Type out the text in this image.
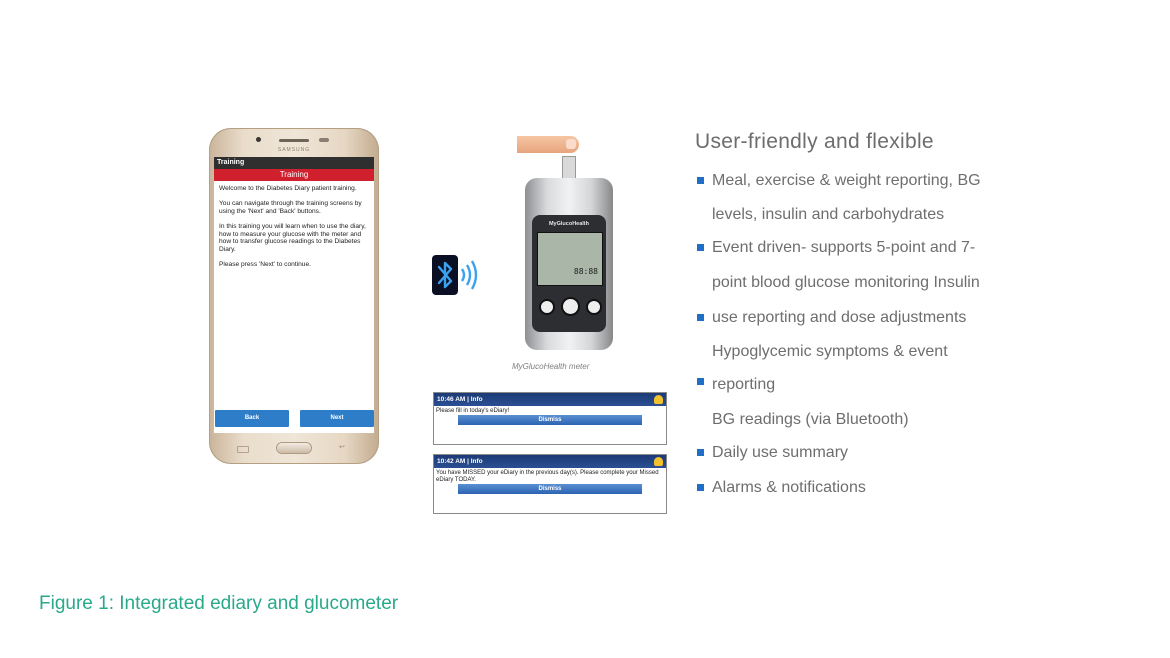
SAMSUNG
Training
Training

Welcome to the Diabetes Diary patient training.

You can navigate through the training screens by using the 'Next' and 'Back' buttons.

In this training you will learn when to use the diary, how to measure your glucose with the meter and how to transfer glucose readings to the Diabetes Diary.

Please press 'Next' to continue.

Back	Next
↩
MyGlucoHealth
88:88
MyGlucoHealth meter
10:46 AM | Info
Please fill in today's eDiary!
Dismiss
10:42 AM | Info
You have MISSED your eDiary in the previous day(s). Please complete your Missed eDiary TODAY.
Dismiss
User-friendly and flexible
Meal, exercise & weight reporting, BG
levels, insulin and carbohydrates
Event driven- supports 5-point and 7-
point blood glucose monitoring Insulin
use reporting and dose adjustments
Hypoglycemic symptoms & event
reporting
BG readings (via Bluetooth)
Daily use summary
Alarms & notifications
Figure 1: Integrated ediary and glucometer
